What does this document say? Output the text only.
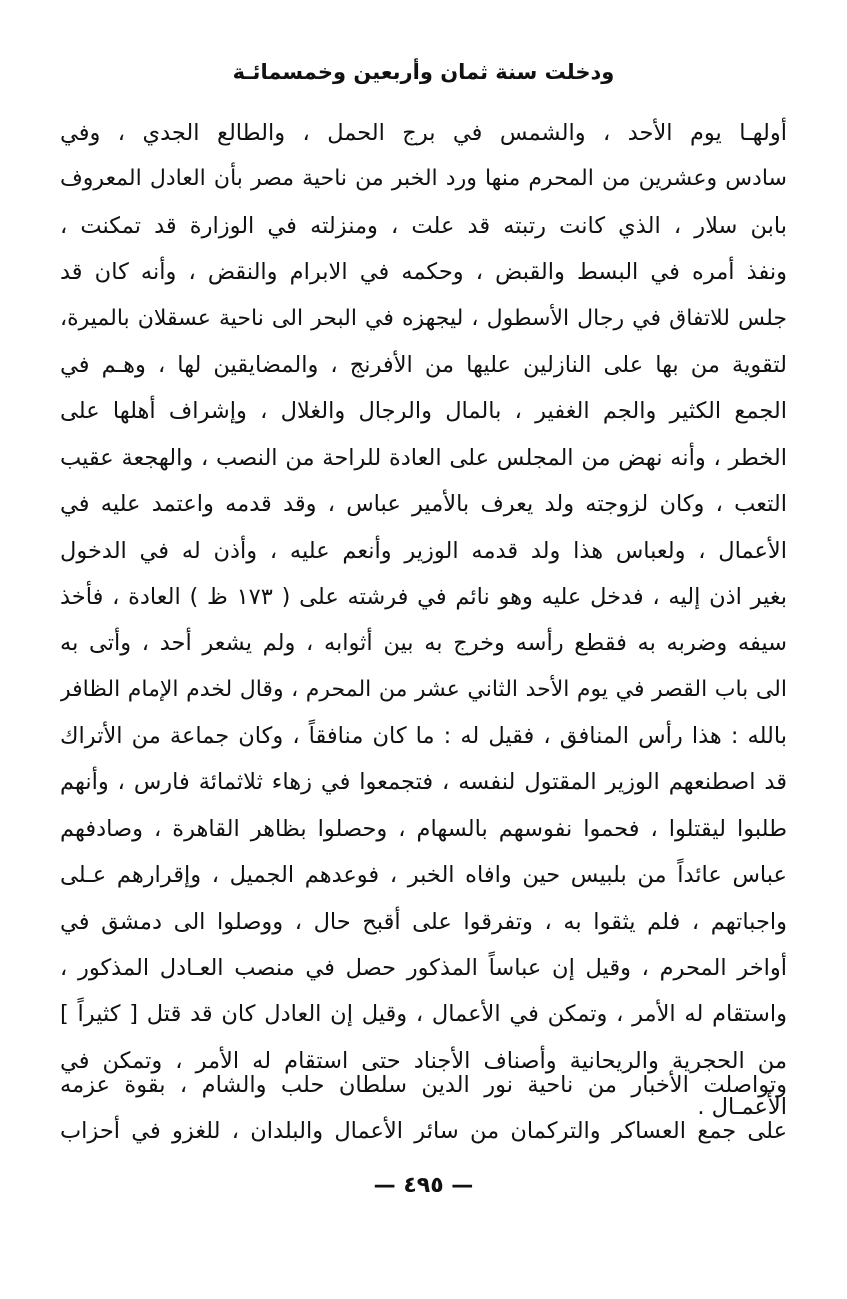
ودخلت سنة ثمان وأربعين وخمسمائـة
أولهـا يوم الأحد ، والشمس في برج الحمل ، والطالع الجدي ، وفي
سادس وعشرين من المحرم منها ورد الخبر من ناحية مصر بأن العادل المعروف
بابن سلار ، الذي كانت رتبته قد علت ، ومنزلته في الوزارة قد تمكنت ،
ونفذ أمره في البسط والقبض ، وحكمه في الابرام والنقض ، وأنه كان قد
جلس للاتفاق في رجال الأسطول ، ليجهزه في البحر الى ناحية عسقلان بالميرة،
لتقوية من بها على النازلين عليها من الأفرنج ، والمضايقين لها ، وهـم في
الجمع الكثير والجم الغفير ، بالمال والرجال والغلال ، وإشراف أهلها على
الخطر ، وأنه نهض من المجلس على العادة للراحة من النصب ، والهجعة عقيب
التعب ، وكان لزوجته ولد يعرف بالأمير عباس ، وقد قدمه واعتمد عليه في
الأعمال ، ولعباس هذا ولد قدمه الوزير وأنعم عليه ، وأذن له في الدخول
بغير اذن إليه ، فدخل عليه وهو نائم في فرشته على ( ١٧٣ ظ ) العادة ، فأخذ
سيفه وضربه به فقطع رأسه وخرج به بين أثوابه ، ولم يشعر أحد ، وأتى به
الى باب القصر في يوم الأحد الثاني عشر من المحرم ، وقال لخدم الإمام الظافر
بالله : هذا رأس المنافق ، فقيل له : ما كان منافقاً ، وكان جماعة من الأتراك
قد اصطنعهم الوزير المقتول لنفسه ، فتجمعوا في زهاء ثلاثمائة فارس ، وأنهم
طلبوا ليقتلوا ، فحموا نفوسهم بالسهام ، وحصلوا بظاهر القاهرة ، وصادفهم
عباس عائداً من بلبيس حين وافاه الخبر ، فوعدهم الجميل ، وإقرارهم عـلى
واجباتهم ، فلم يثقوا به ، وتفرقوا على أقبح حال ، ووصلوا الى دمشق في
أواخر المحرم ، وقيل إن عباساً المذكور حصل في منصب العـادل المذكور ،
واستقام له الأمر ، وتمكن في الأعمال ، وقيل إن العادل كان قد قتل [ كثيراً ]
من الحجرية والريحانية وأصناف الأجناد حتى استقام له الأمر ، وتمكن في
الأعمـال .
وتواصلت الأخبار من ناحية نور الدين سلطان حلب والشام ، بقوة عزمه
على جمع العساكر والتركمان من سائر الأعمال والبلدان ، للغزو في أحزاب
— ٤٩٥ —
